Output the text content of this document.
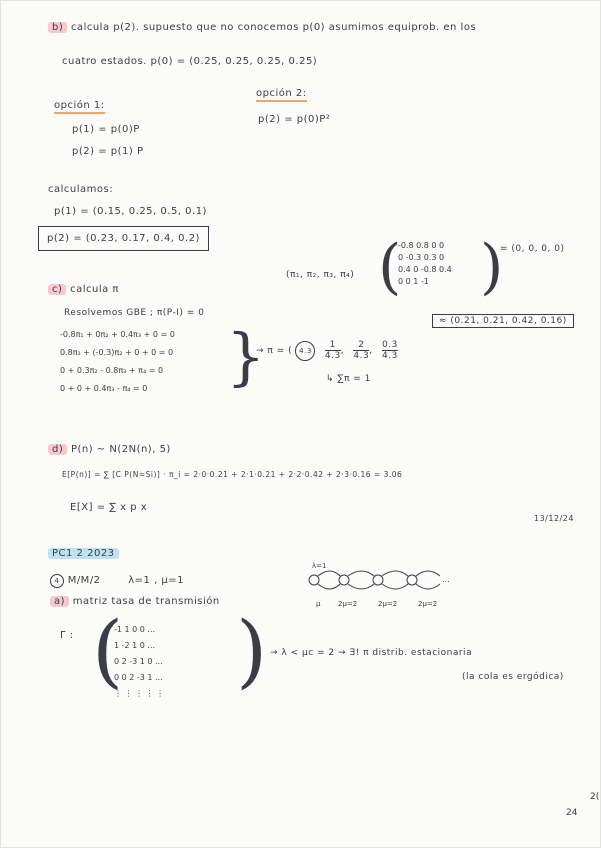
b) calcula p(2). supuesto que no conocemos p(0) asumimos equiprob. en los
cuatro estados. p(0) = (0.25, 0.25, 0.25, 0.25)
opción 1:
p(1) = p(0)P
p(2) = p(1) P
opción 2:
p(2) = p(0)P²
calculamos:
p(1) = (0.15, 0.25, 0.5, 0.1)
p(2) = (0.23, 0.17, 0.4, 0.2)
c) calcula π
Resolvemos GBE ; π(P-I) = 0
(π₁, π₂, π₃, π₄) (
-0.8 0.8 0 0
0 -0.3 0.3 0
0.4 0 -0.8 0.4
0 0 1 -1 )
= (0, 0, 0, 0)
-0.8π₁ + 0π₂ + 0.4π₃ + 0 = 0
0.8π₁ + (-0.3)π₂ + 0 + 0 = 0
0 + 0.3π₂ - 0.8π₃ + π₄ = 0
0 + 0 + 0.4π₃ - π₄ = 0	}
→ π = ( $4.3 \frac{1}{4.3}$, $\frac{2}{4.3}$, $\frac{0.3}{4.3}$
≈ (0.21, 0.21, 0.42, 0.16)
↳ ∑π = 1
d) P(n) ~ N(2N(n), 5)
E[P(n)] = ∑ [C P(N=Si)] · π_i = 2·0·0.21 + 2·1·0.21 + 2·2·0.42 + 2·3·0.16 = 3.06
E[X] = ∑ x p x
13/12/24
PC1 2 2023
4 M/M/2	λ=1 , μ=1
a) matriz tasa de transmisión
λ=1
...
μ	2μ=2	2μ=2	2μ=2
Γ : (
-1 1 0 0 ...
1 -2 1 0 ...
0 2 -3 1 0 ...
0 0 2 -3 1 ...
⋮ ⋮ ⋮ ⋮ ⋮ ) → λ < μc = 2 → ∃! π distrib. estacionaria
(la cola es ergódica)
24
2(
